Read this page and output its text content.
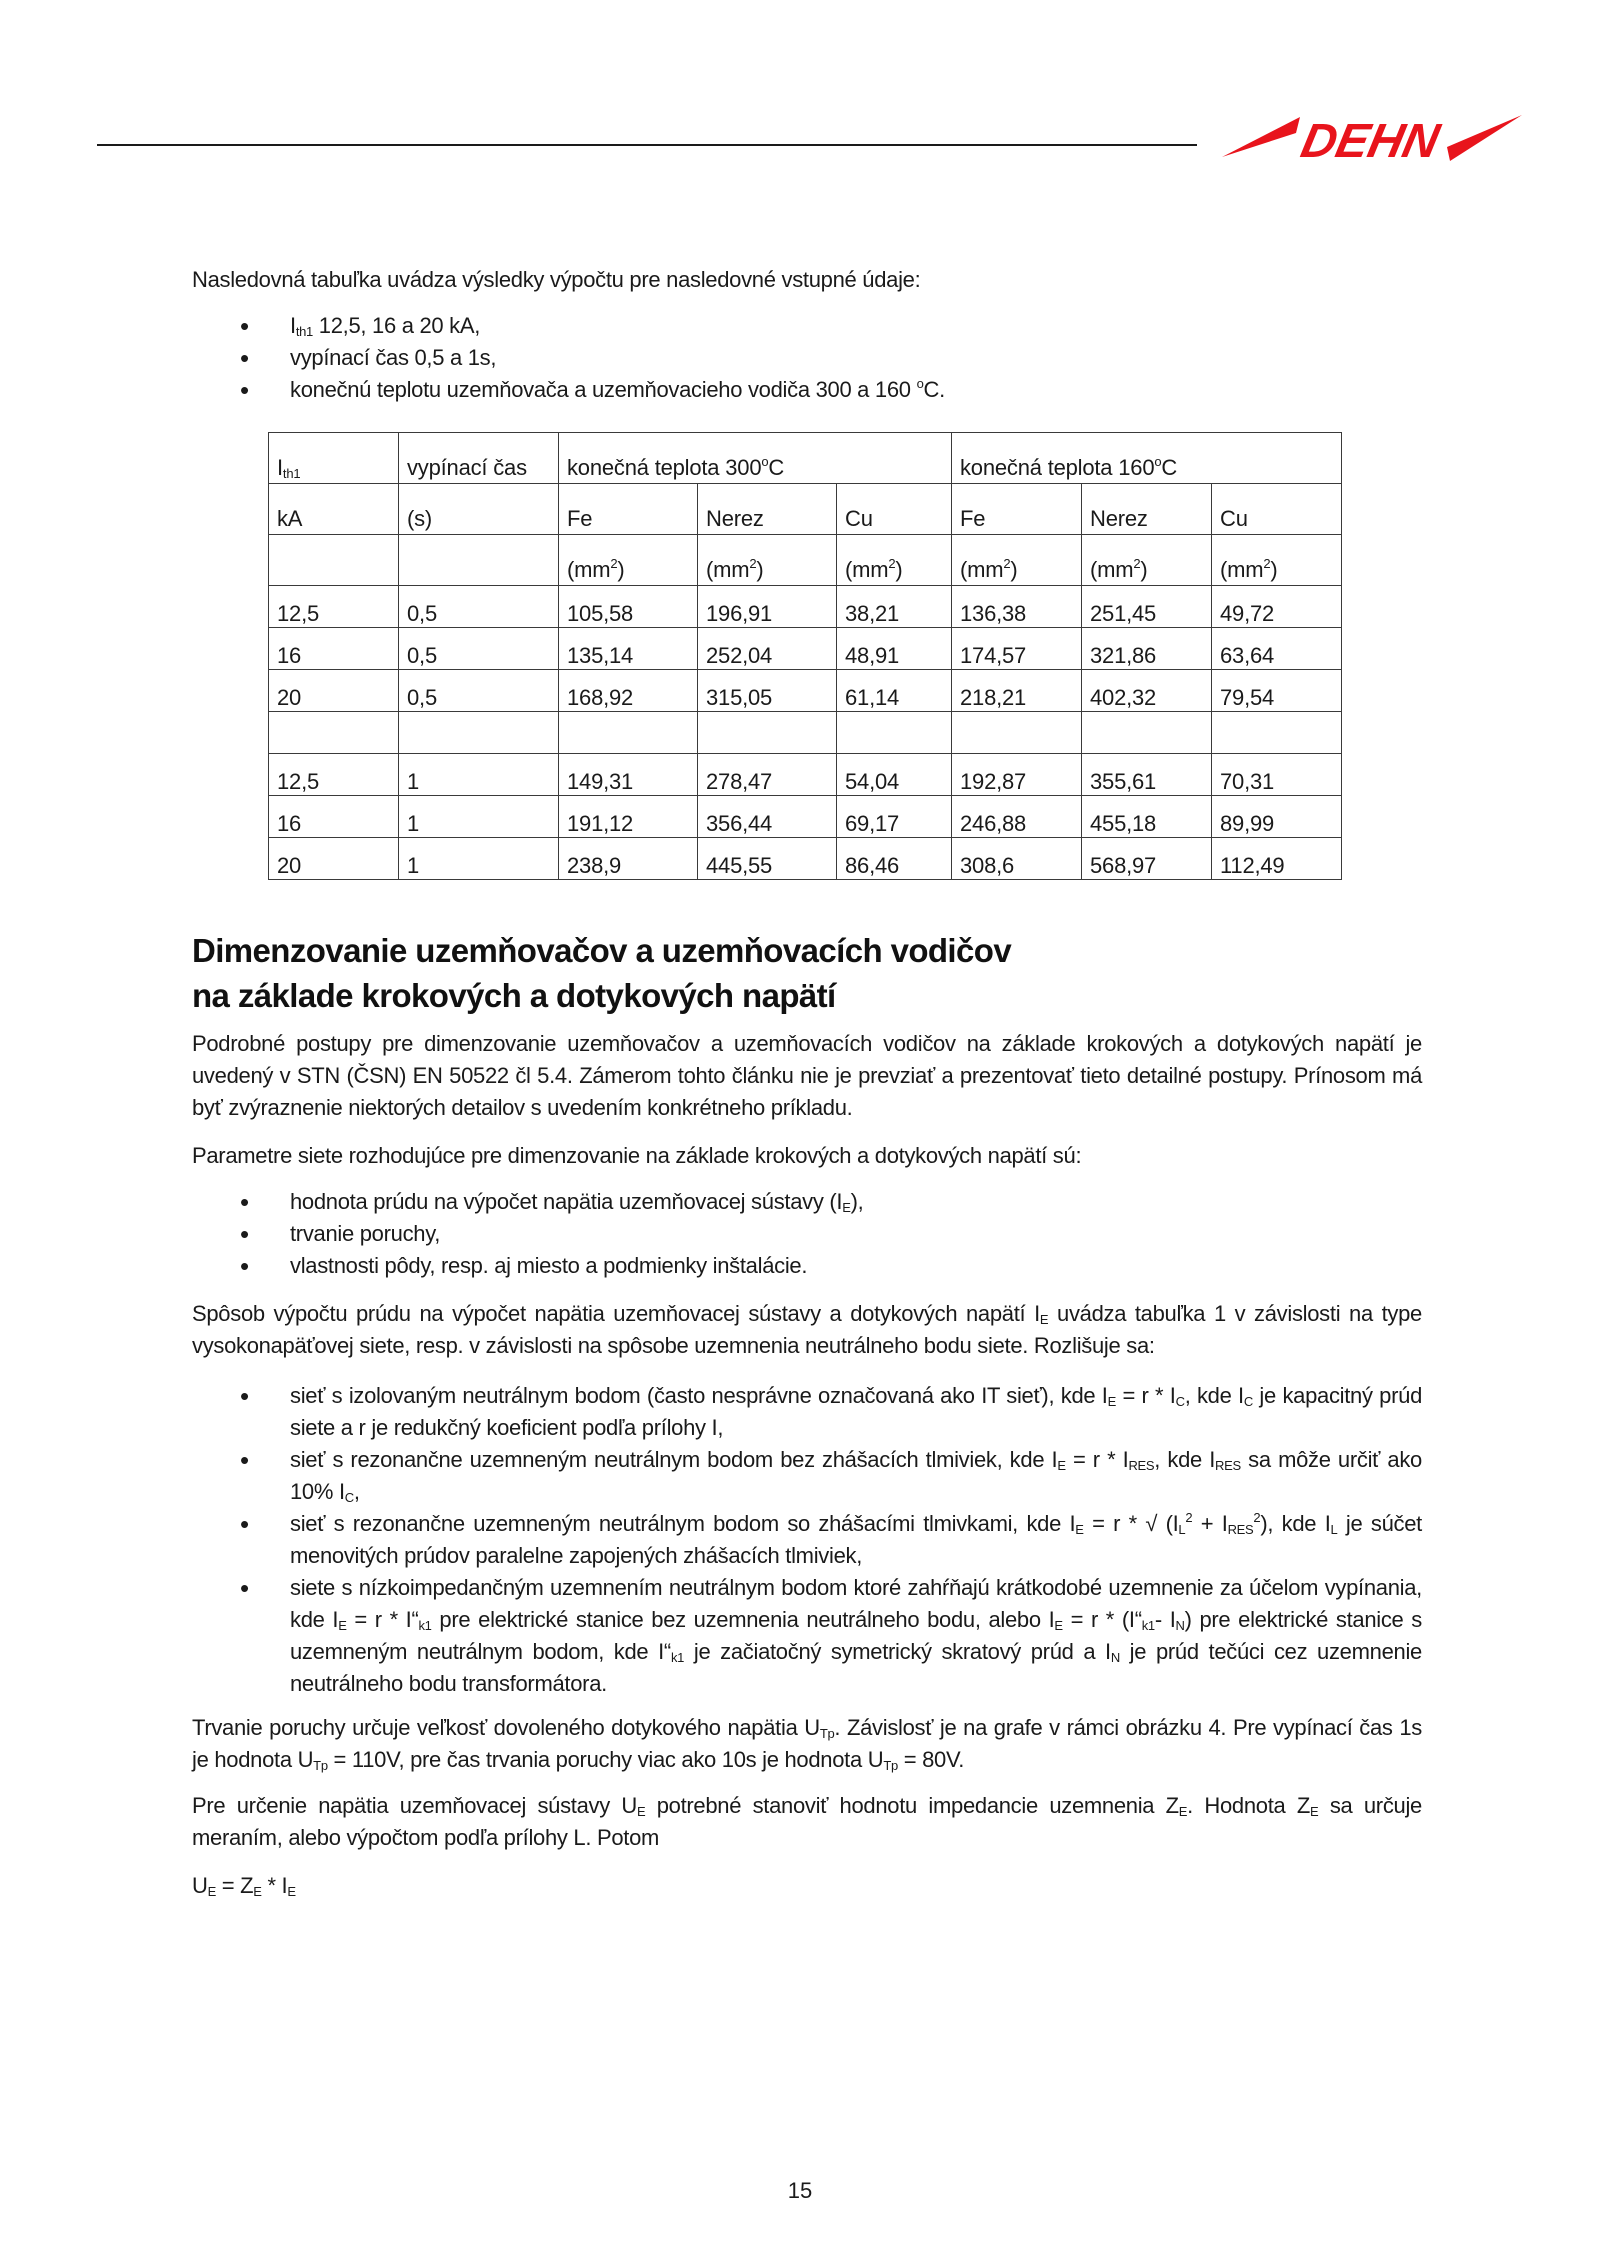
DEHN

Nasledovná tabuľka uvádza výsledky výpočtu pre nasledovné vstupné údaje:

• $I_{th1}$ 12,5, 16 a 20 kA,
• vypínací čas 0,5 a 1s,
• konečnú teplotu uzemňovača a uzemňovacieho vodiča 300 a 160 $^o$C.
$I_{th1}$	vypínací čas	konečná teplota 300$^o$C			konečná teplota 160$^o$C		
kA	(s)	Fe	Nerez	Cu	Fe	Nerez	Cu
		$(mm^2)$	$(mm^2)$	$(mm^2)$	$(mm^2)$	$(mm^2)$	$(mm^2)$
12,5	0,5	105,58	196,91	38,21	136,38	251,45	49,72
16	0,5	135,14	252,04	48,91	174,57	321,86	63,64
20	0,5	168,92	315,05	61,14	218,21	402,32	79,54

12,5	1	149,31	278,47	54,04	192,87	355,61	70,31
16	1	191,12	356,44	69,17	246,88	455,18	89,99
20	1	238,9	445,55	86,46	308,6	568,97	112,49
Dimenzovanie uzemňovačov a uzemňovacích vodičov
na základe krokových a dotykových napätí

Podrobné postupy pre dimenzovanie uzemňovačov a uzemňovacích vodičov na základe krokových a dotykových napätí je uvedený v STN (ČSN) EN 50522 čl 5.4. Zámerom tohto článku nie je prevziať a prezentovať tieto detailné postupy. Prínosom má byť zvýraznenie niektorých detailov s uvedením konkrétneho príkladu.

Parametre siete rozhodujúce pre dimenzovanie na základe krokových a dotykových napätí sú:

• hodnota prúdu na výpočet napätia uzemňovacej sústavy $(I_E)$,
• trvanie poruchy,
• vlastnosti pôdy, resp. aj miesto a podmienky inštalácie.

Spôsob výpočtu prúdu na výpočet napätia uzemňovacej sústavy a dotykových napätí $I_E$ uvádza tabuľka 1 v závislosti na type vysokonapäťovej siete, resp. v závislosti na spôsobe uzemnenia neutrálneho bodu siete. Rozlišuje sa:

• sieť s izolovaným neutrálnym bodom (často nesprávne označovaná ako IT sieť), kde $I_E = r * I_C$, kde $I_C$ je kapacitný prúd siete a r je redukčný koeficient podľa prílohy I,
• sieť s rezonančne uzemneným neutrálnym bodom bez zhášacích tlmiviek, kde $I_E = r * I_{RES}$, kde $I_{RES}$ sa môže určiť ako 10% $I_C$,
• sieť s rezonančne uzemneným neutrálnym bodom so zhášacími tlmivkami, kde $I_E = r$ * √ $(I_L^2 + I_{RES}^2)$, kde $I_L$ je súčet menovitých prúdov paralelne zapojených zhášacích tlmiviek,
• siete s nízkoimpedančným uzemnením neutrálnym bodom ktoré zahŕňajú krátkodobé uzemnenie za účelom vypínania, kde $I_E = r$ * $I“_{k1}$ pre elektrické stanice bez uzemnenia neutrálneho bodu, alebo $I_E = r$ * ($I“_{k1}-$ $I_N$) pre elektrické stanice s uzemneným neutrálnym bodom, kde $I“_{k1}$ je začiatočný symetrický skratový prúd a $I_N$ je prúd tečúci cez uzemnenie neutrálneho bodu transformátora.

Trvanie poruchy určuje veľkosť dovoleného dotykového napätia $U_{Tp}$. Závislosť je na grafe v rámci obrázku 4. Pre vypínací čas 1s je hodnota $U_{Tp} = 110V$, pre čas trvania poruchy viac ako 10s je hodnota $U_{Tp} = 80V$.

Pre určenie napätia uzemňovacej sústavy $U_E$ potrebné stanoviť hodnotu impedancie uzemnenia $Z_E$. Hodnota $Z_E$ sa určuje meraním, alebo výpočtom podľa prílohy L. Potom

$U_E = Z_E * I_E$

15
